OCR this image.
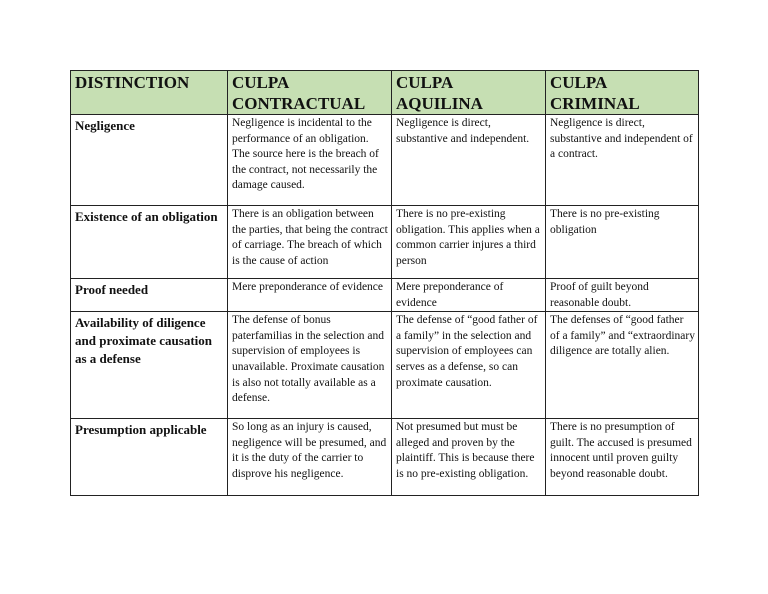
DISTINCTION	CULPA CONTRACTUAL	CULPA AQUILINA	CULPA CRIMINAL
Negligence	Negligence is incidental to the performance of an obligation. The source here is the breach of the contract, not necessarily the damage caused.	Negligence is direct, substantive and independent.	Negligence is direct, substantive and independent of a contract.
Existence of an obligation	There is an obligation between the parties, that being the contract of carriage. The breach of which is the cause of action	There is no pre-existing obligation. This applies when a common carrier injures a third person	There is no pre-existing obligation
Proof needed	Mere preponderance of evidence	Mere preponderance of evidence	Proof of guilt beyond reasonable doubt.
Availability of diligence and proximate causation as a defense	The defense of bonus paterfamilias in the selection and supervision of employees is unavailable. Proximate causation is also not totally available as a defense.	The defense of “good father of a family” in the selection and supervision of employees can serves as a defense, so can proximate causation.	The defenses of “good father of a family” and “extraordinary diligence are totally alien.
Presumption applicable	So long as an injury is caused, negligence will be presumed, and it is the duty of the carrier to disprove his negligence.	Not presumed but must be alleged and proven by the plaintiff. This is because there is no pre-existing obligation.	There is no presumption of guilt. The accused is presumed innocent until proven guilty beyond reasonable doubt.
